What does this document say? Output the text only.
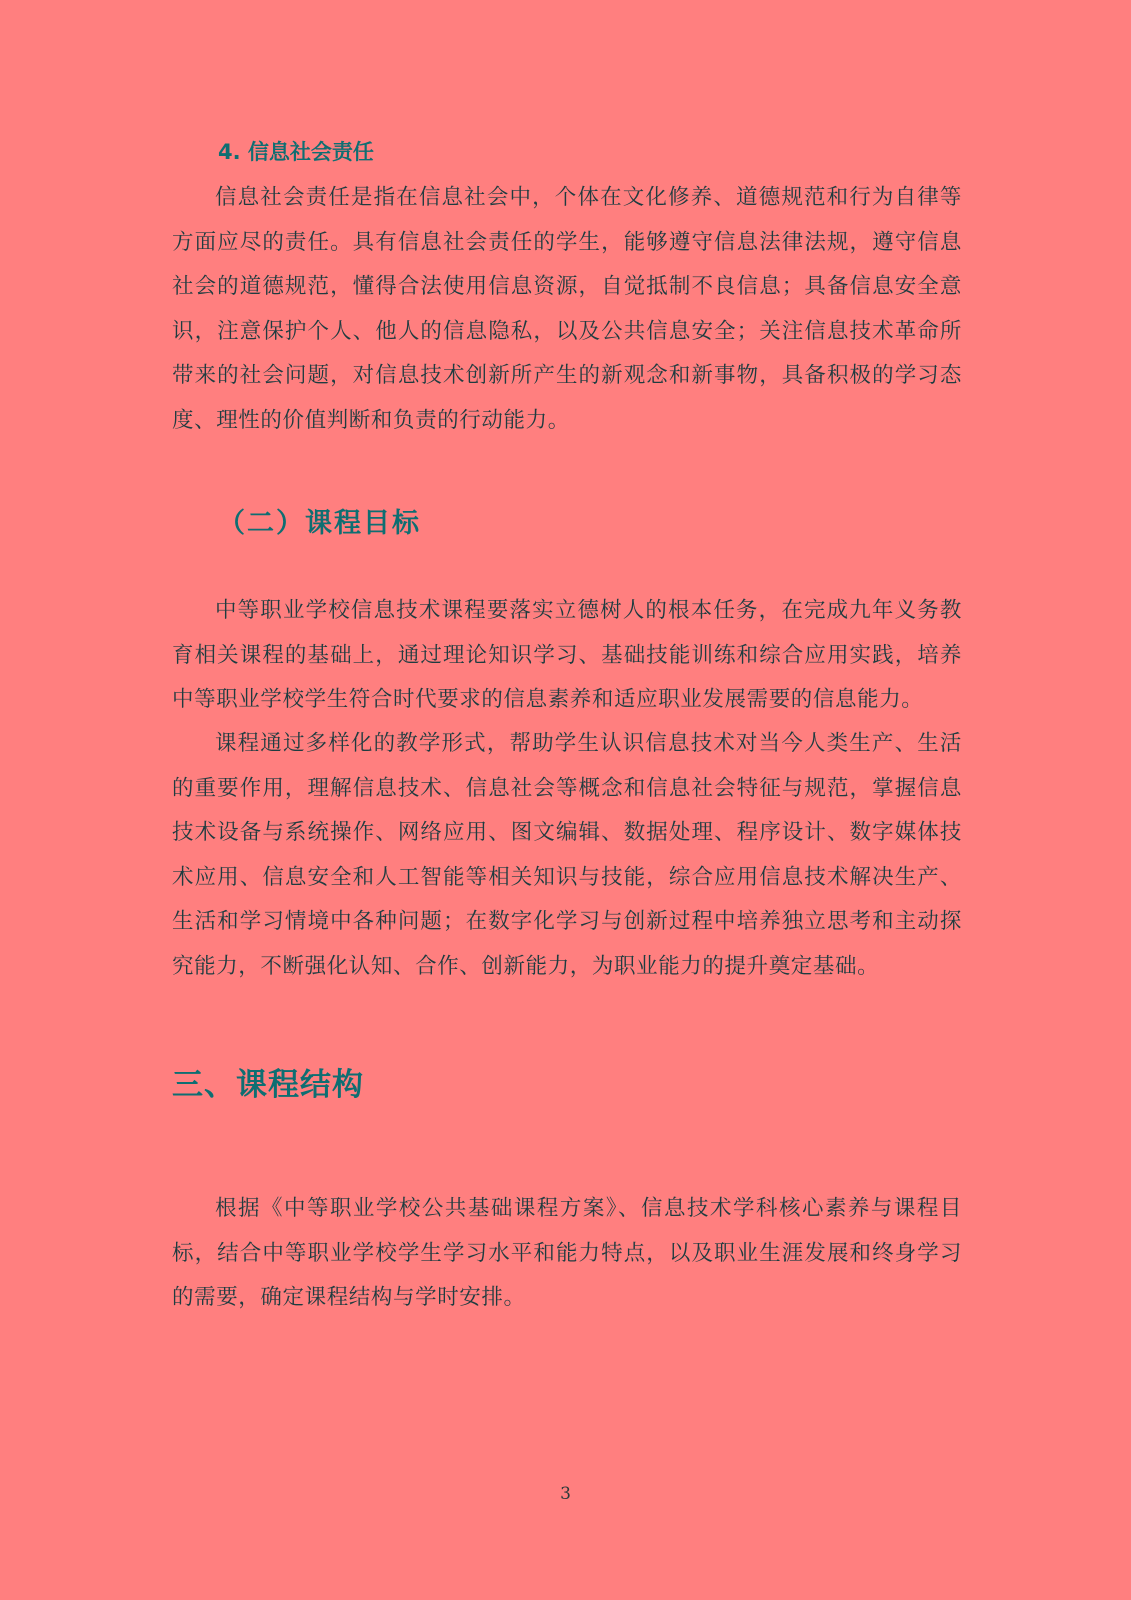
4. 信息社会责任

信息社会责任是指在信息社会中，个体在文化修养、道德规范和行为自律等方面应尽的责任。具有信息社会责任的学生，能够遵守信息法律法规，遵守信息社会的道德规范，懂得合法使用信息资源，自觉抵制不良信息；具备信息安全意识，注意保护个人、他人的信息隐私，以及公共信息安全；关注信息技术革命所带来的社会问题，对信息技术创新所产生的新观念和新事物，具备积极的学习态度、理性的价值判断和负责的行动能力。

（二）课程目标

中等职业学校信息技术课程要落实立德树人的根本任务，在完成九年义务教育相关课程的基础上，通过理论知识学习、基础技能训练和综合应用实践，培养中等职业学校学生符合时代要求的信息素养和适应职业发展需要的信息能力。

课程通过多样化的教学形式，帮助学生认识信息技术对当今人类生产、生活的重要作用，理解信息技术、信息社会等概念和信息社会特征与规范，掌握信息技术设备与系统操作、网络应用、图文编辑、数据处理、程序设计、数字媒体技术应用、信息安全和人工智能等相关知识与技能，综合应用信息技术解决生产、生活和学习情境中各种问题；在数字化学习与创新过程中培养独立思考和主动探究能力，不断强化认知、合作、创新能力，为职业能力的提升奠定基础。

三、课程结构

根据《中等职业学校公共基础课程方案》、信息技术学科核心素养与课程目标，结合中等职业学校学生学习水平和能力特点，以及职业生涯发展和终身学习的需要，确定课程结构与学时安排。

3
